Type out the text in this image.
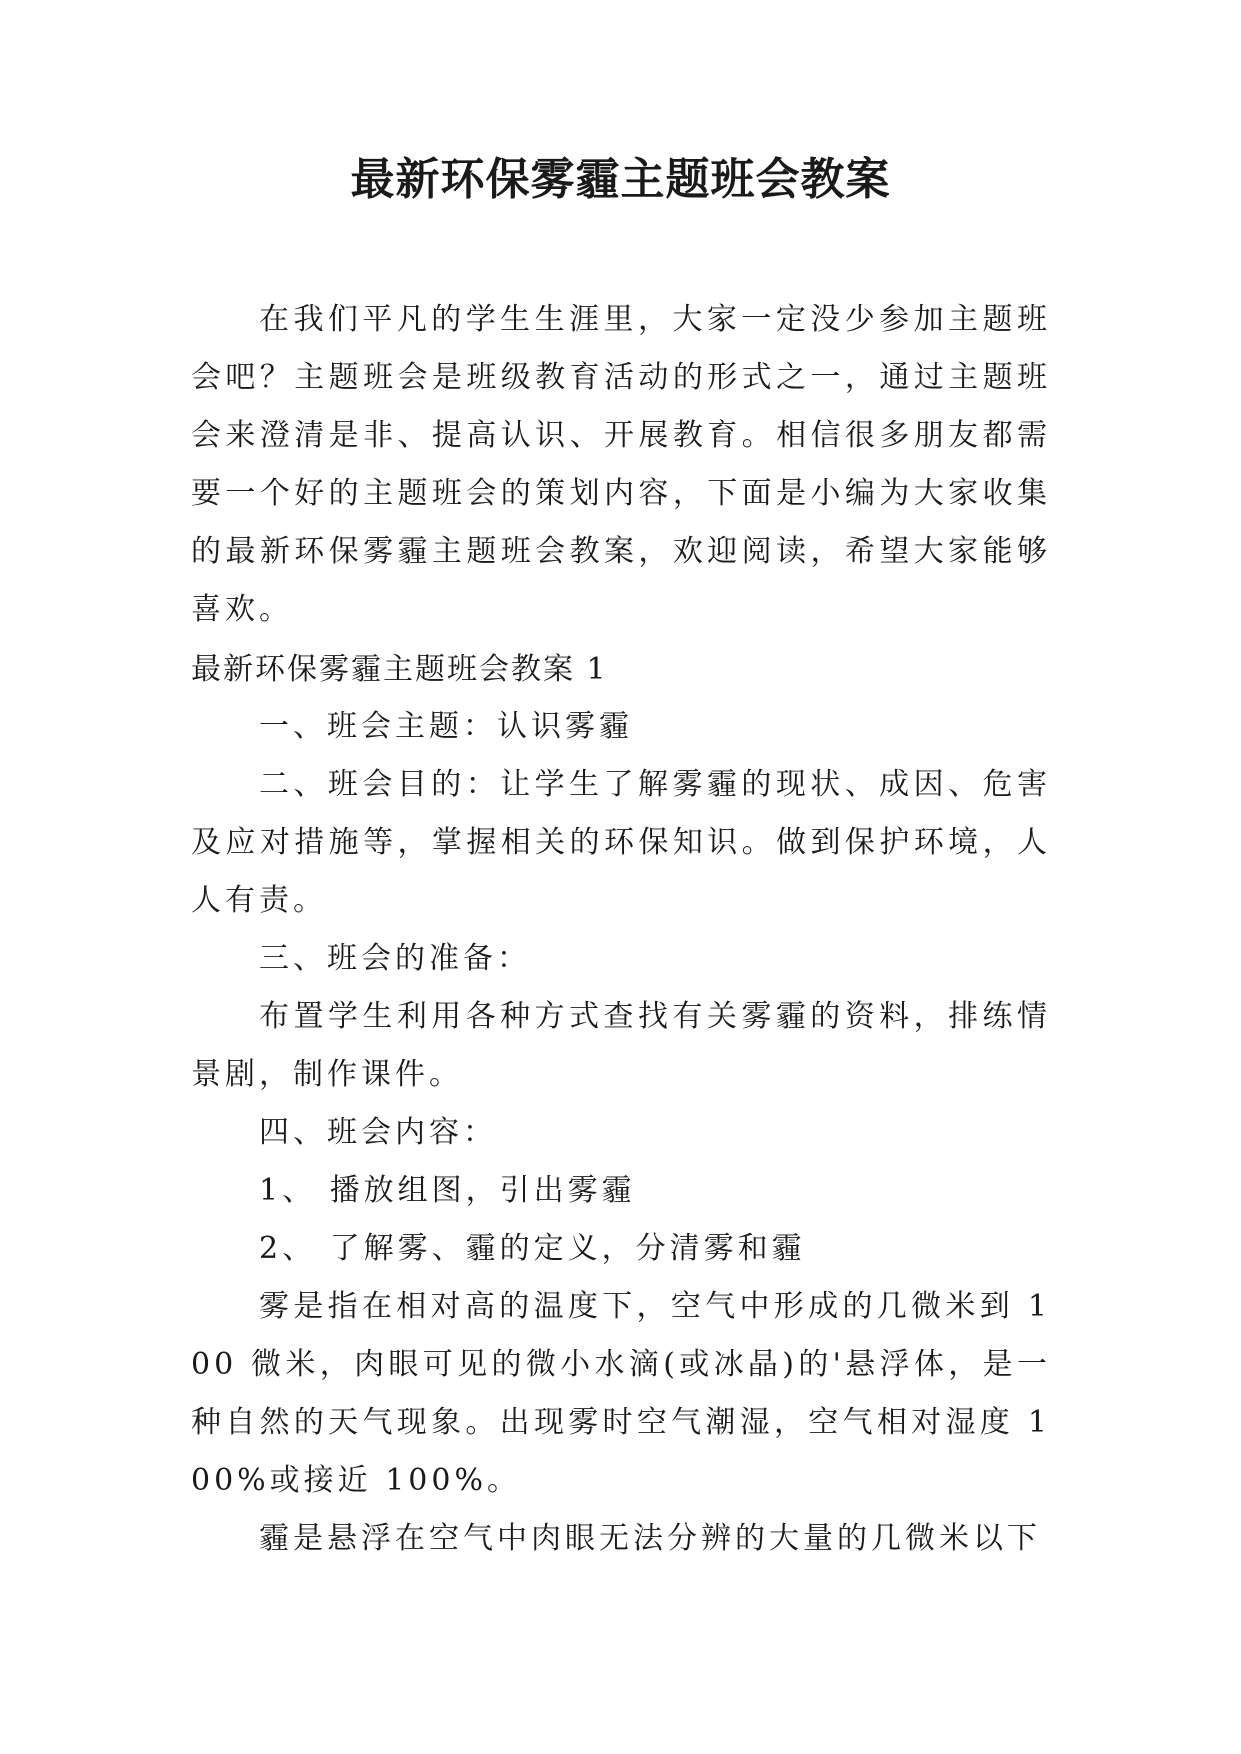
最新环保雾霾主题班会教案

在我们平凡的学生生涯里，大家一定没少参加主题班会吧？主题班会是班级教育活动的形式之一，通过主题班会来澄清是非、提高认识、开展教育。相信很多朋友都需要一个好的主题班会的策划内容，下面是小编为大家收集的最新环保雾霾主题班会教案，欢迎阅读，希望大家能够喜欢。

最新环保雾霾主题班会教案 1

一、班会主题：认识雾霾

二、班会目的：让学生了解雾霾的现状、成因、危害及应对措施等，掌握相关的环保知识。做到保护环境，人人有责。

三、班会的准备：

布置学生利用各种方式查找有关雾霾的资料，排练情景剧，制作课件。

四、班会内容：

1、 播放组图，引出雾霾

2、 了解雾、霾的定义，分清雾和霾

雾是指在相对高的温度下，空气中形成的几微米到 100 微米，肉眼可见的微小水滴(或冰晶)的'悬浮体，是一种自然的天气现象。出现雾时空气潮湿，空气相对湿度 100%或接近 100%。

霾是悬浮在空气中肉眼无法分辨的大量的几微米以下
